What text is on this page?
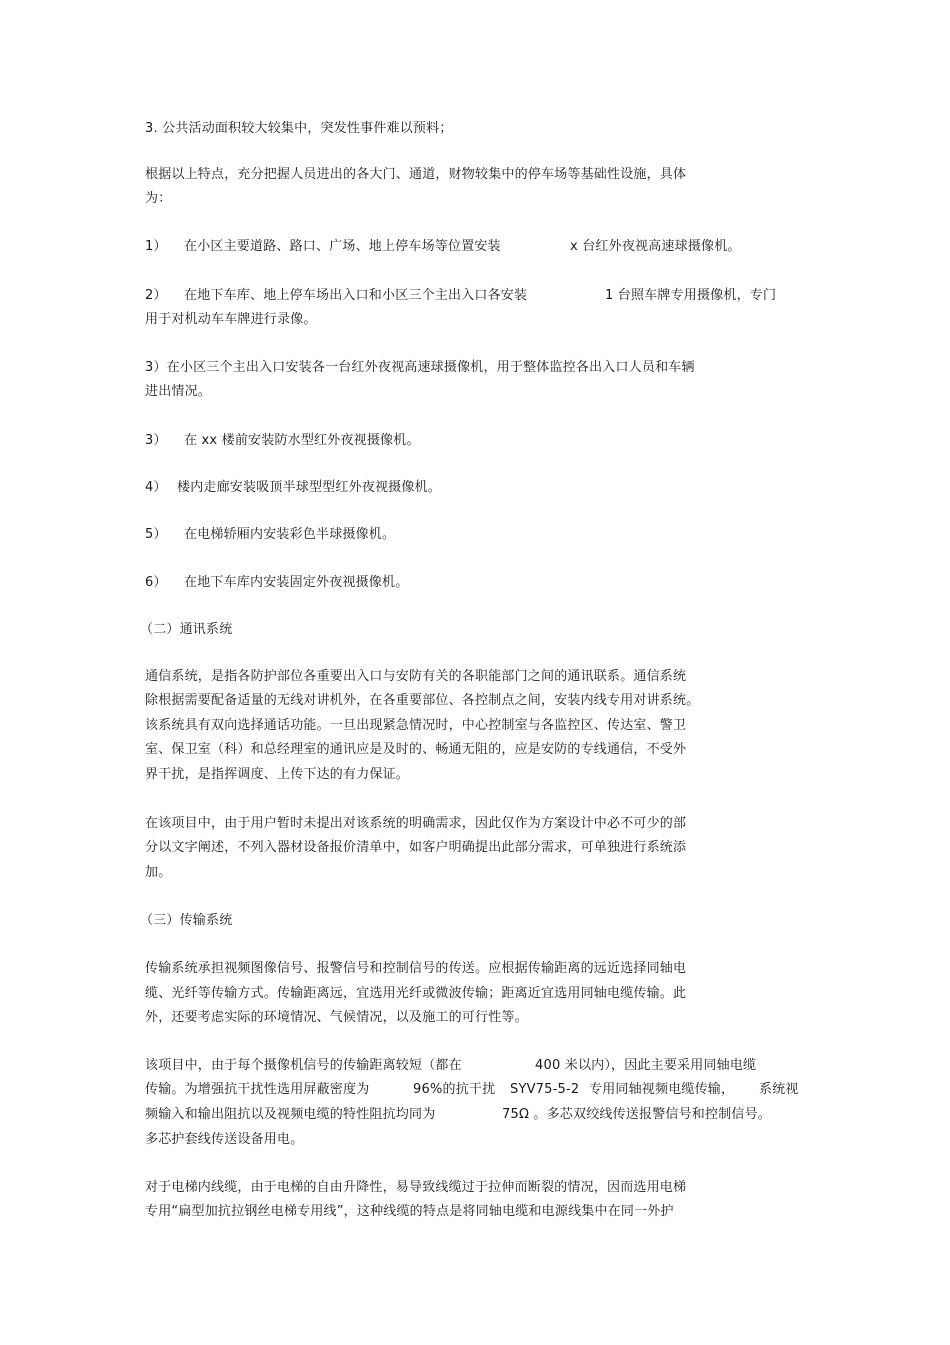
3. 公共活动面积较大较集中，突发性事件难以预料；
根据以上特点，充分把握人员进出的各大门、通道，财物较集中的停车场等基础性设施，具体
为：
1） 在小区主要道路、路口、广场、地上停车场等位置安装	x 台红外夜视高速球摄像机。
2） 在地下车库、地上停车场出入口和小区三个主出入口各安装	1 台照车牌专用摄像机，专门
用于对机动车车牌进行录像。
3）在小区三个主出入口安装各一台红外夜视高速球摄像机，用于整体监控各出入口人员和车辆
进出情况。
3） 在 xx 楼前安装防水型红外夜视摄像机。
4） 楼内走廊安装吸顶半球型型红外夜视摄像机。
5） 在电梯轿厢内安装彩色半球摄像机。
6） 在地下车库内安装固定外夜视摄像机。
（二）通讯系统
通信系统，是指各防护部位各重要出入口与安防有关的各职能部门之间的通讯联系。通信系统
除根据需要配备适量的无线对讲机外，在各重要部位、各控制点之间，安装内线专用对讲系统。
该系统具有双向选择通话功能。一旦出现紧急情况时，中心控制室与各监控区、传达室、警卫
室、保卫室（科）和总经理室的通讯应是及时的、畅通无阻的，应是安防的专线通信，不受外
界干扰，是指挥调度、上传下达的有力保证。
在该项目中，由于用户暂时未提出对该系统的明确需求，因此仅作为方案设计中必不可少的部
分以文字阐述，不列入器材设备报价清单中，如客户明确提出此部分需求，可单独进行系统添
加。
（三）传输系统
传输系统承担视频图像信号、报警信号和控制信号的传送。应根据传输距离的远近选择同轴电
缆、光纤等传输方式。传输距离远，宜选用光纤或微波传输；距离近宜选用同轴电缆传输。此
外，还要考虑实际的环境情况、气候情况，以及施工的可行性等。
该项目中，由于每个摄像机信号的传输距离较短（都在	400 米以内），因此主要采用同轴电缆
传输。为增强抗干扰性选用屏蔽密度为	96%的抗干扰 SYV75-5-2 专用同轴视频电缆传输， 系统视
频输入和输出阻抗以及视频电缆的特性阻抗均同为	75Ω 。多芯双绞线传送报警信号和控制信号。
多芯护套线传送设备用电。
对于电梯内线缆，由于电梯的自由升降性，易导致线缆过于拉伸而断裂的情况，因而选用电梯
专用“扁型加抗拉钢丝电梯专用线”，这种线缆的特点是将同轴电缆和电源线集中在同一外护
